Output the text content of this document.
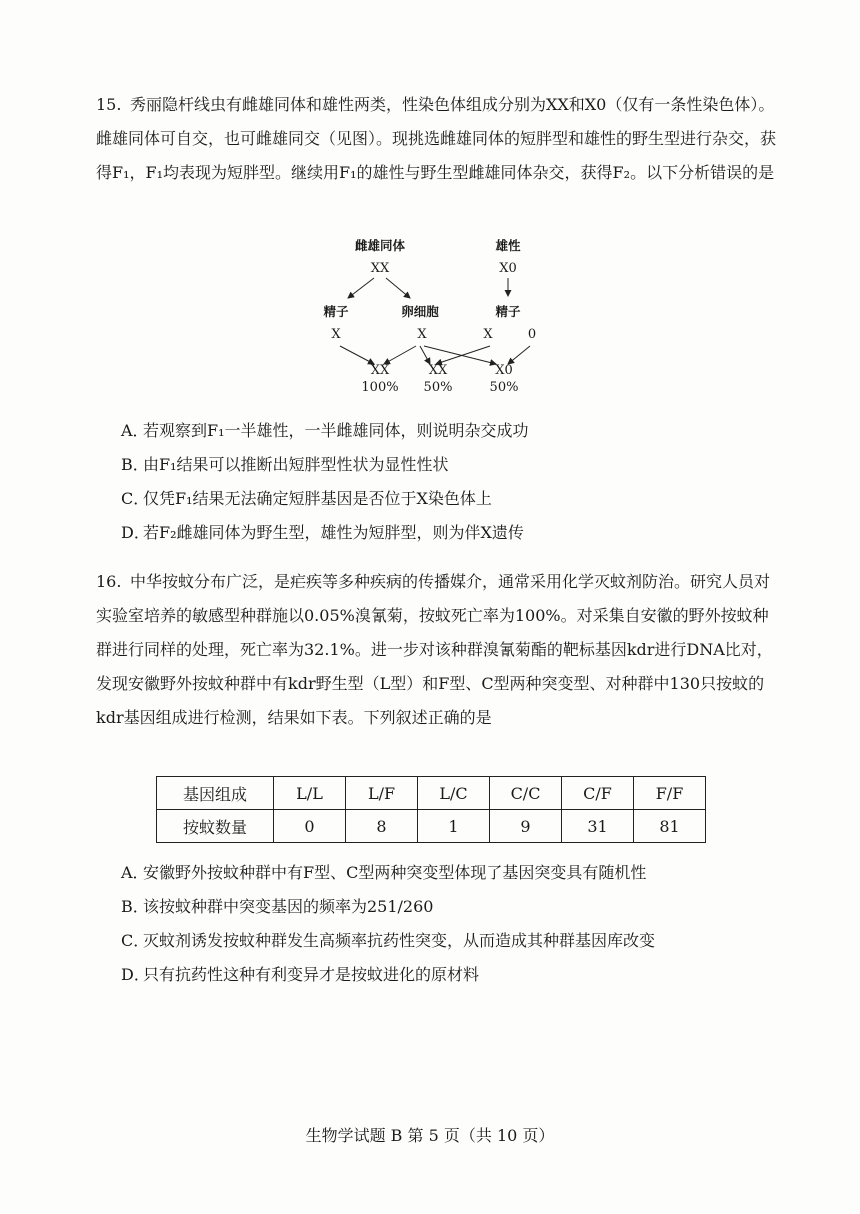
15. 秀丽隐杆线虫有雌雄同体和雄性两类，性染色体组成分别为XX和X0（仅有一条性染色体）。雌雄同体可自交，也可雌雄同交（见图）。现挑选雌雄同体的短胖型和雄性的野生型进行杂交，获得F₁，F₁均表现为短胖型。继续用F₁的雄性与野生型雌雄同体杂交，获得F₂。以下分析错误的是

雌雄同体	雄性
XX	X0
精子	卵细胞	精子
X	X	X	0
XX	XX	X0
100% 50%	50%
A．若观察到F₁一半雄性，一半雌雄同体，则说明杂交成功
B．由F₁结果可以推断出短胖型性状为显性性状
C．仅凭F₁结果无法确定短胖基因是否位于X染色体上
D．若F₂雌雄同体为野生型，雄性为短胖型，则为伴X遗传

16. 中华按蚊分布广泛，是疟疾等多种疾病的传播媒介，通常采用化学灭蚊剂防治。研究人员对实验室培养的敏感型种群施以0.05%溴氰菊，按蚊死亡率为100%。对采集自安徽的野外按蚊种群进行同样的处理，死亡率为32.1%。进一步对该种群溴氰菊酯的靶标基因kdr进行DNA比对，发现安徽野外按蚊种群中有kdr野生型（L型）和F型、C型两种突变型、对种群中130只按蚊的kdr基因组成进行检测，结果如下表。下列叙述正确的是

基因组成	L/L	L/F	L/C	C/C	C/F	F/F
按蚊数量	0	8	1	9	31	81
A．安徽野外按蚊种群中有F型、C型两种突变型体现了基因突变具有随机性
B．该按蚊种群中突变基因的频率为251/260
C．灭蚊剂诱发按蚊种群发生高频率抗药性突变，从而造成其种群基因库改变
D．只有抗药性这种有利变异才是按蚊进化的原材料
生物学试题 B 第 5 页（共 10 页）
